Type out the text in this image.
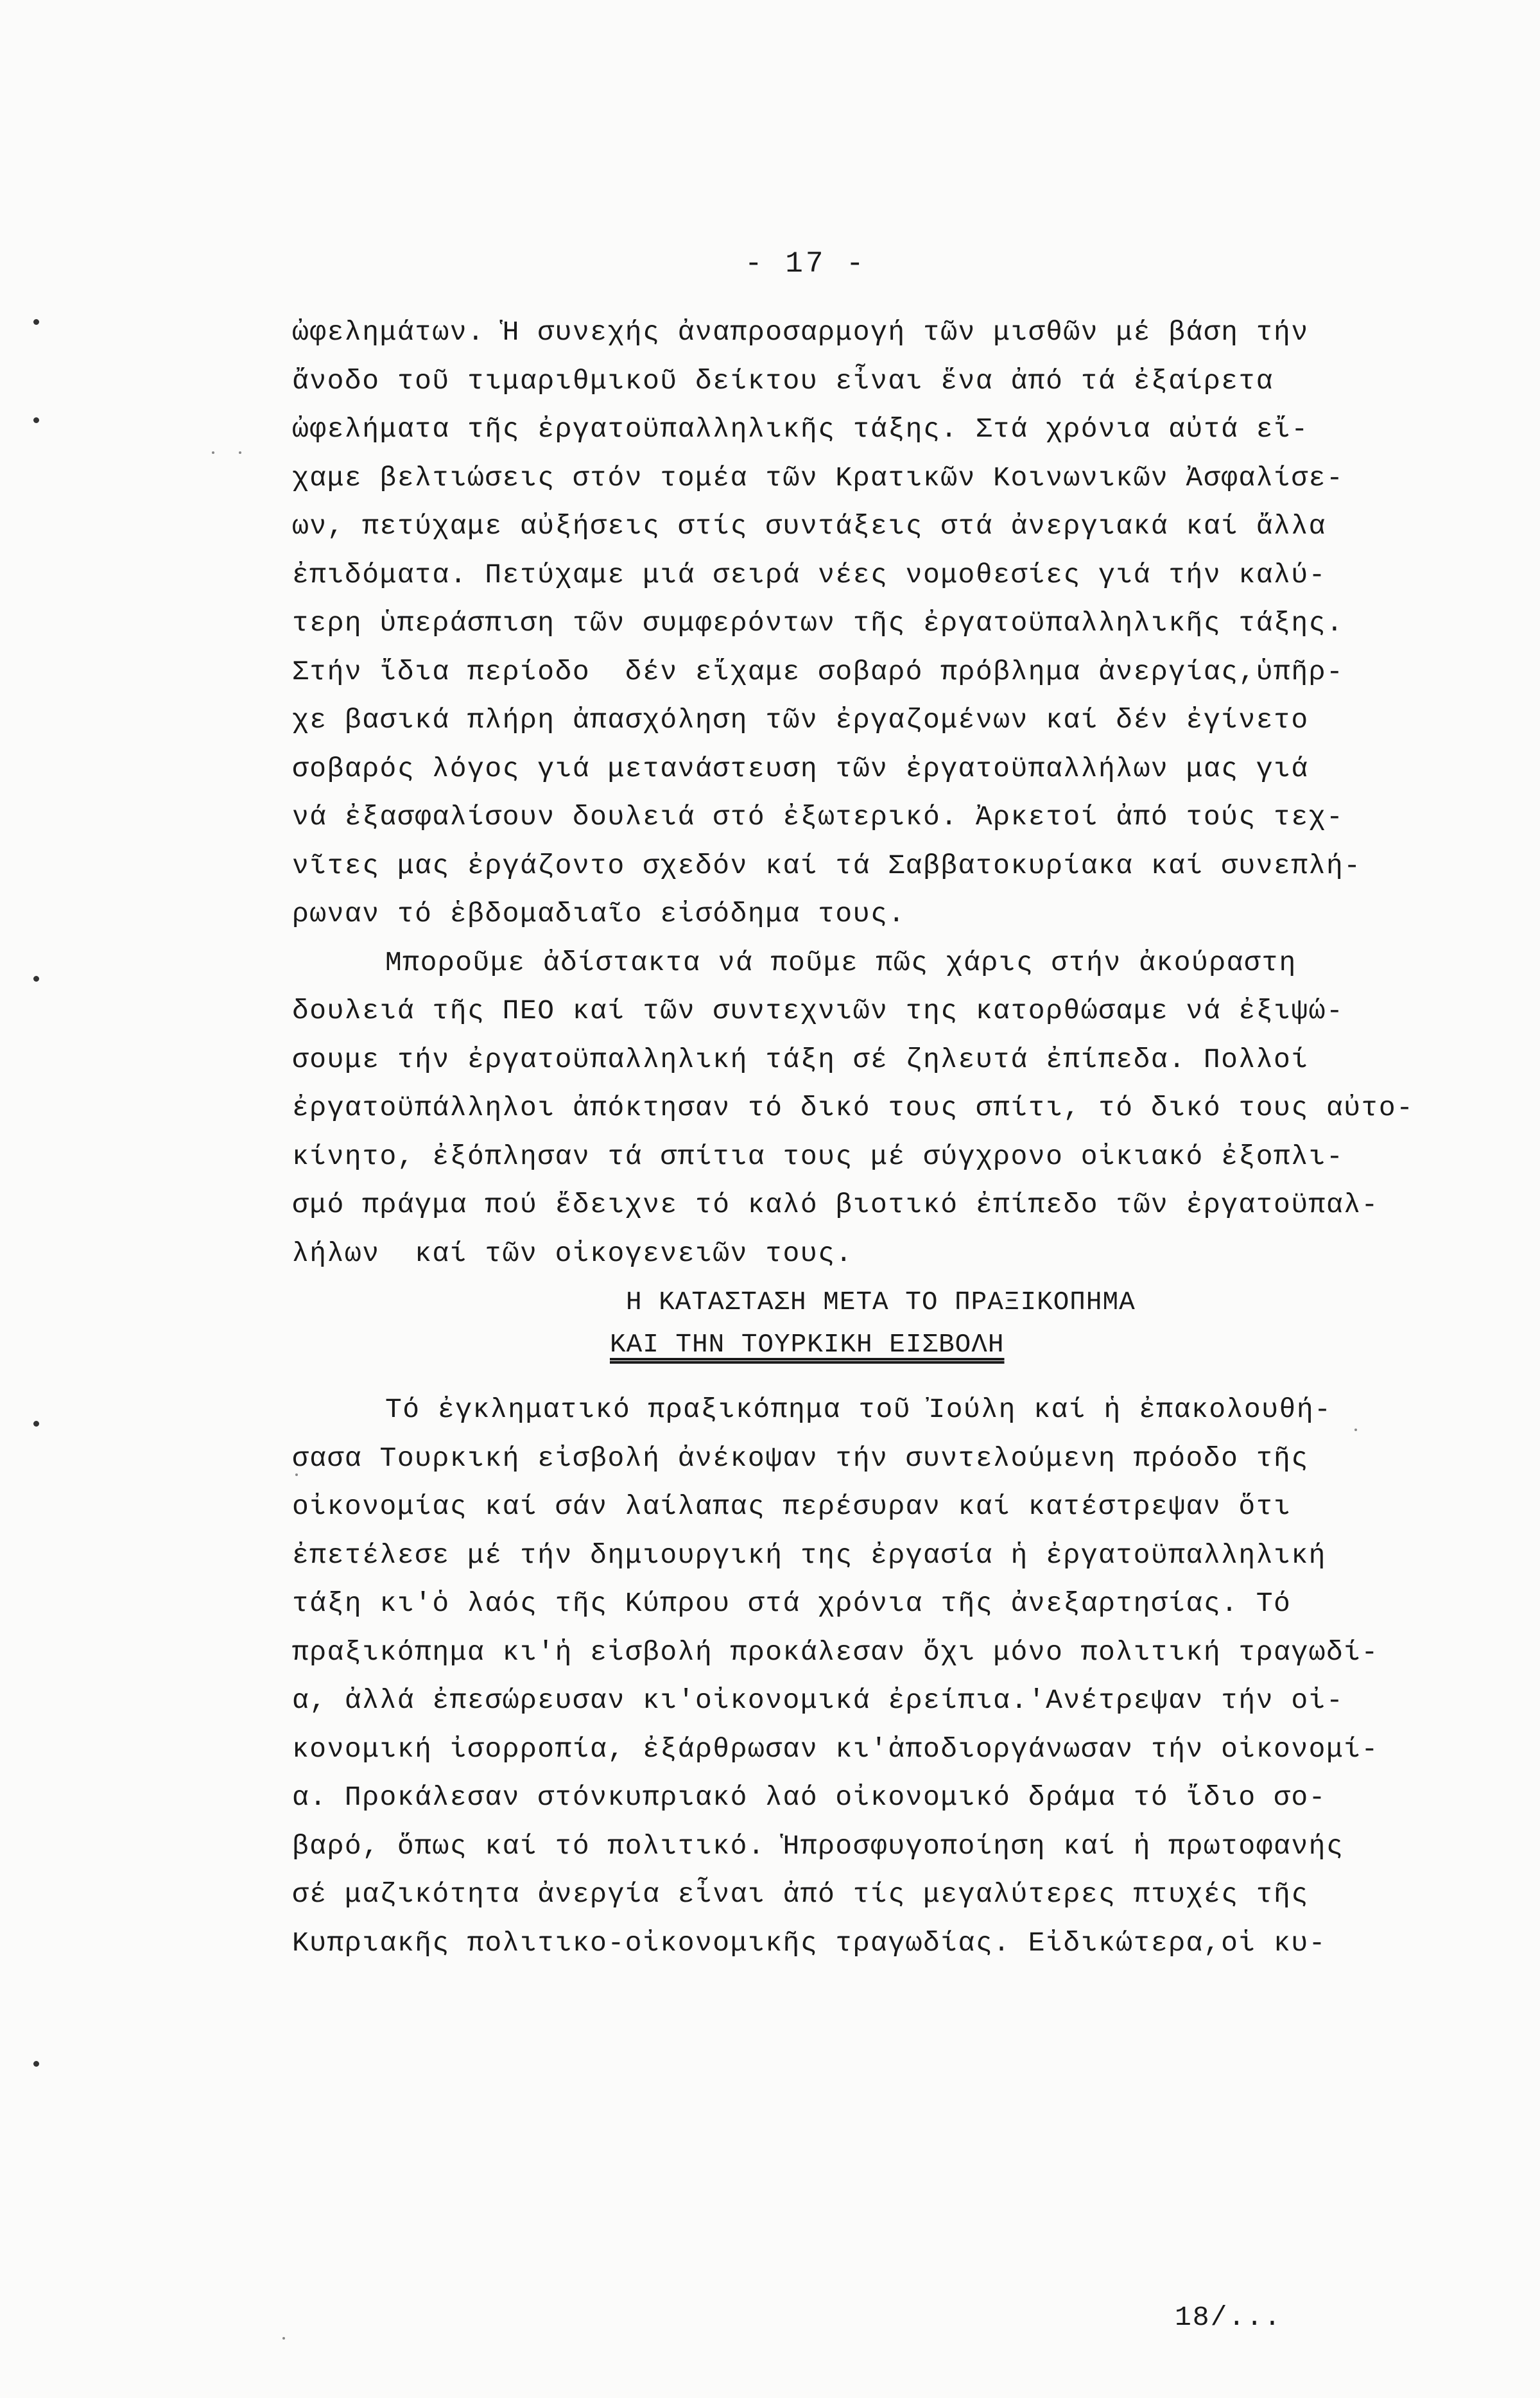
- 17 -
ὠφελημάτων. Ἡ συνεχής ἀναπροσαρμογή τῶν μισθῶν μέ βάση τήν
ἄνοδο τοῦ τιμαριθμικοῦ δείκτου εἶναι ἕνα ἀπό τά ἐξαίρετα
ὠφελήματα τῆς ἐργατοϋπαλληλικῆς τάξης. Στά χρόνια αὐτά εἴ-
χαμε βελτιώσεις στόν τομέα τῶν Κρατικῶν Κοινωνικῶν Ἀσφαλίσε-
ων, πετύχαμε αὐξήσεις στίς συντάξεις στά ἀνεργιακά καί ἄλλα
ἐπιδόματα. Πετύχαμε μιά σειρά νέες νομοθεσίες γιά τήν καλύ-
τερη ὑπεράσπιση τῶν συμφερόντων τῆς ἐργατοϋπαλληλικῆς τάξης.
Στήν ἴδια περίοδο  δέν εἴχαμε σοβαρό πρόβλημα ἀνεργίας,ὑπῆρ-
χε βασικά πλήρη ἀπασχόληση τῶν ἐργαζομένων καί δέν ἐγίνετο
σοβαρός λόγος γιά μετανάστευση τῶν ἐργατοϋπαλλήλων μας γιά
νά ἐξασφαλίσουν δουλειά στό ἐξωτερικό. Ἀρκετοί ἀπό τούς τεχ-
νῖτες μας ἐργάζοντο σχεδόν καί τά Σαββατοκυρίακα καί συνεπλή-
ρωναν τό ἑβδομαδιαῖο εἰσόδημα τους.
Μποροῦμε ἀδίστακτα νά ποῦμε πῶς χάρις στήν ἀκούραστη
δουλειά τῆς ΠΕΟ καί τῶν συντεχνιῶν της κατορθώσαμε νά ἐξιψώ-
σουμε τήν ἐργατοϋπαλληλική τάξη σέ ζηλευτά ἐπίπεδα. Πολλοί
ἐργατοϋπάλληλοι ἀπόκτησαν τό δικό τους σπίτι, τό δικό τους αὐτο-
κίνητο, ἐξόπλησαν τά σπίτια τους μέ σύγχρονο οἰκιακό ἐξοπλι-
σμό πράγμα πού ἔδειχνε τό καλό βιοτικό ἐπίπεδο τῶν ἐργατοϋπαλ-
λήλων  καί τῶν οἰκογενειῶν τους.
Η ΚΑΤΑΣΤΑΣΗ ΜΕΤΑ ΤΟ ΠΡΑΞΙΚΟΠΗΜΑ
ΚΑΙ ΤΗΝ ΤΟΥΡΚΙΚΗ ΕΙΣΒΟΛΗ
Τό ἐγκληματικό πραξικόπημα τοῦ Ἰούλη καί ἡ ἐπακολουθή-
σασα Τουρκική εἰσβολή ἀνέκοψαν τήν συντελούμενη πρόοδο τῆς
οἰκονομίας καί σάν λαίλαπας περέσυραν καί κατέστρεψαν ὅτι
ἐπετέλεσε μέ τήν δημιουργική της ἐργασία ἡ ἐργατοϋπαλληλική
τάξη κι'ὁ λαός τῆς Κύπρου στά χρόνια τῆς ἀνεξαρτησίας. Τό
πραξικόπημα κι'ἡ εἰσβολή προκάλεσαν ὄχι μόνο πολιτική τραγωδί-
α, ἀλλά ἐπεσώρευσαν κι'οἰκονομικά ἐρείπια.'Ανέτρεψαν τήν οἰ-
κονομική ἰσορροπία, ἐξάρθρωσαν κι'ἀποδιοργάνωσαν τήν οἰκονομί-
α. Προκάλεσαν στόνκυπριακό λαό οἰκονομικό δράμα τό ἴδιο σο-
βαρό, ὅπως καί τό πολιτικό. Ἡπροσφυγοποίηση καί ἡ πρωτοφανής
σέ μαζικότητα ἀνεργία εἶναι ἀπό τίς μεγαλύτερες πτυχές τῆς
Κυπριακῆς πολιτικο-οἰκονομικῆς τραγωδίας. Εἰδικώτερα,οἱ κυ-
18/...
